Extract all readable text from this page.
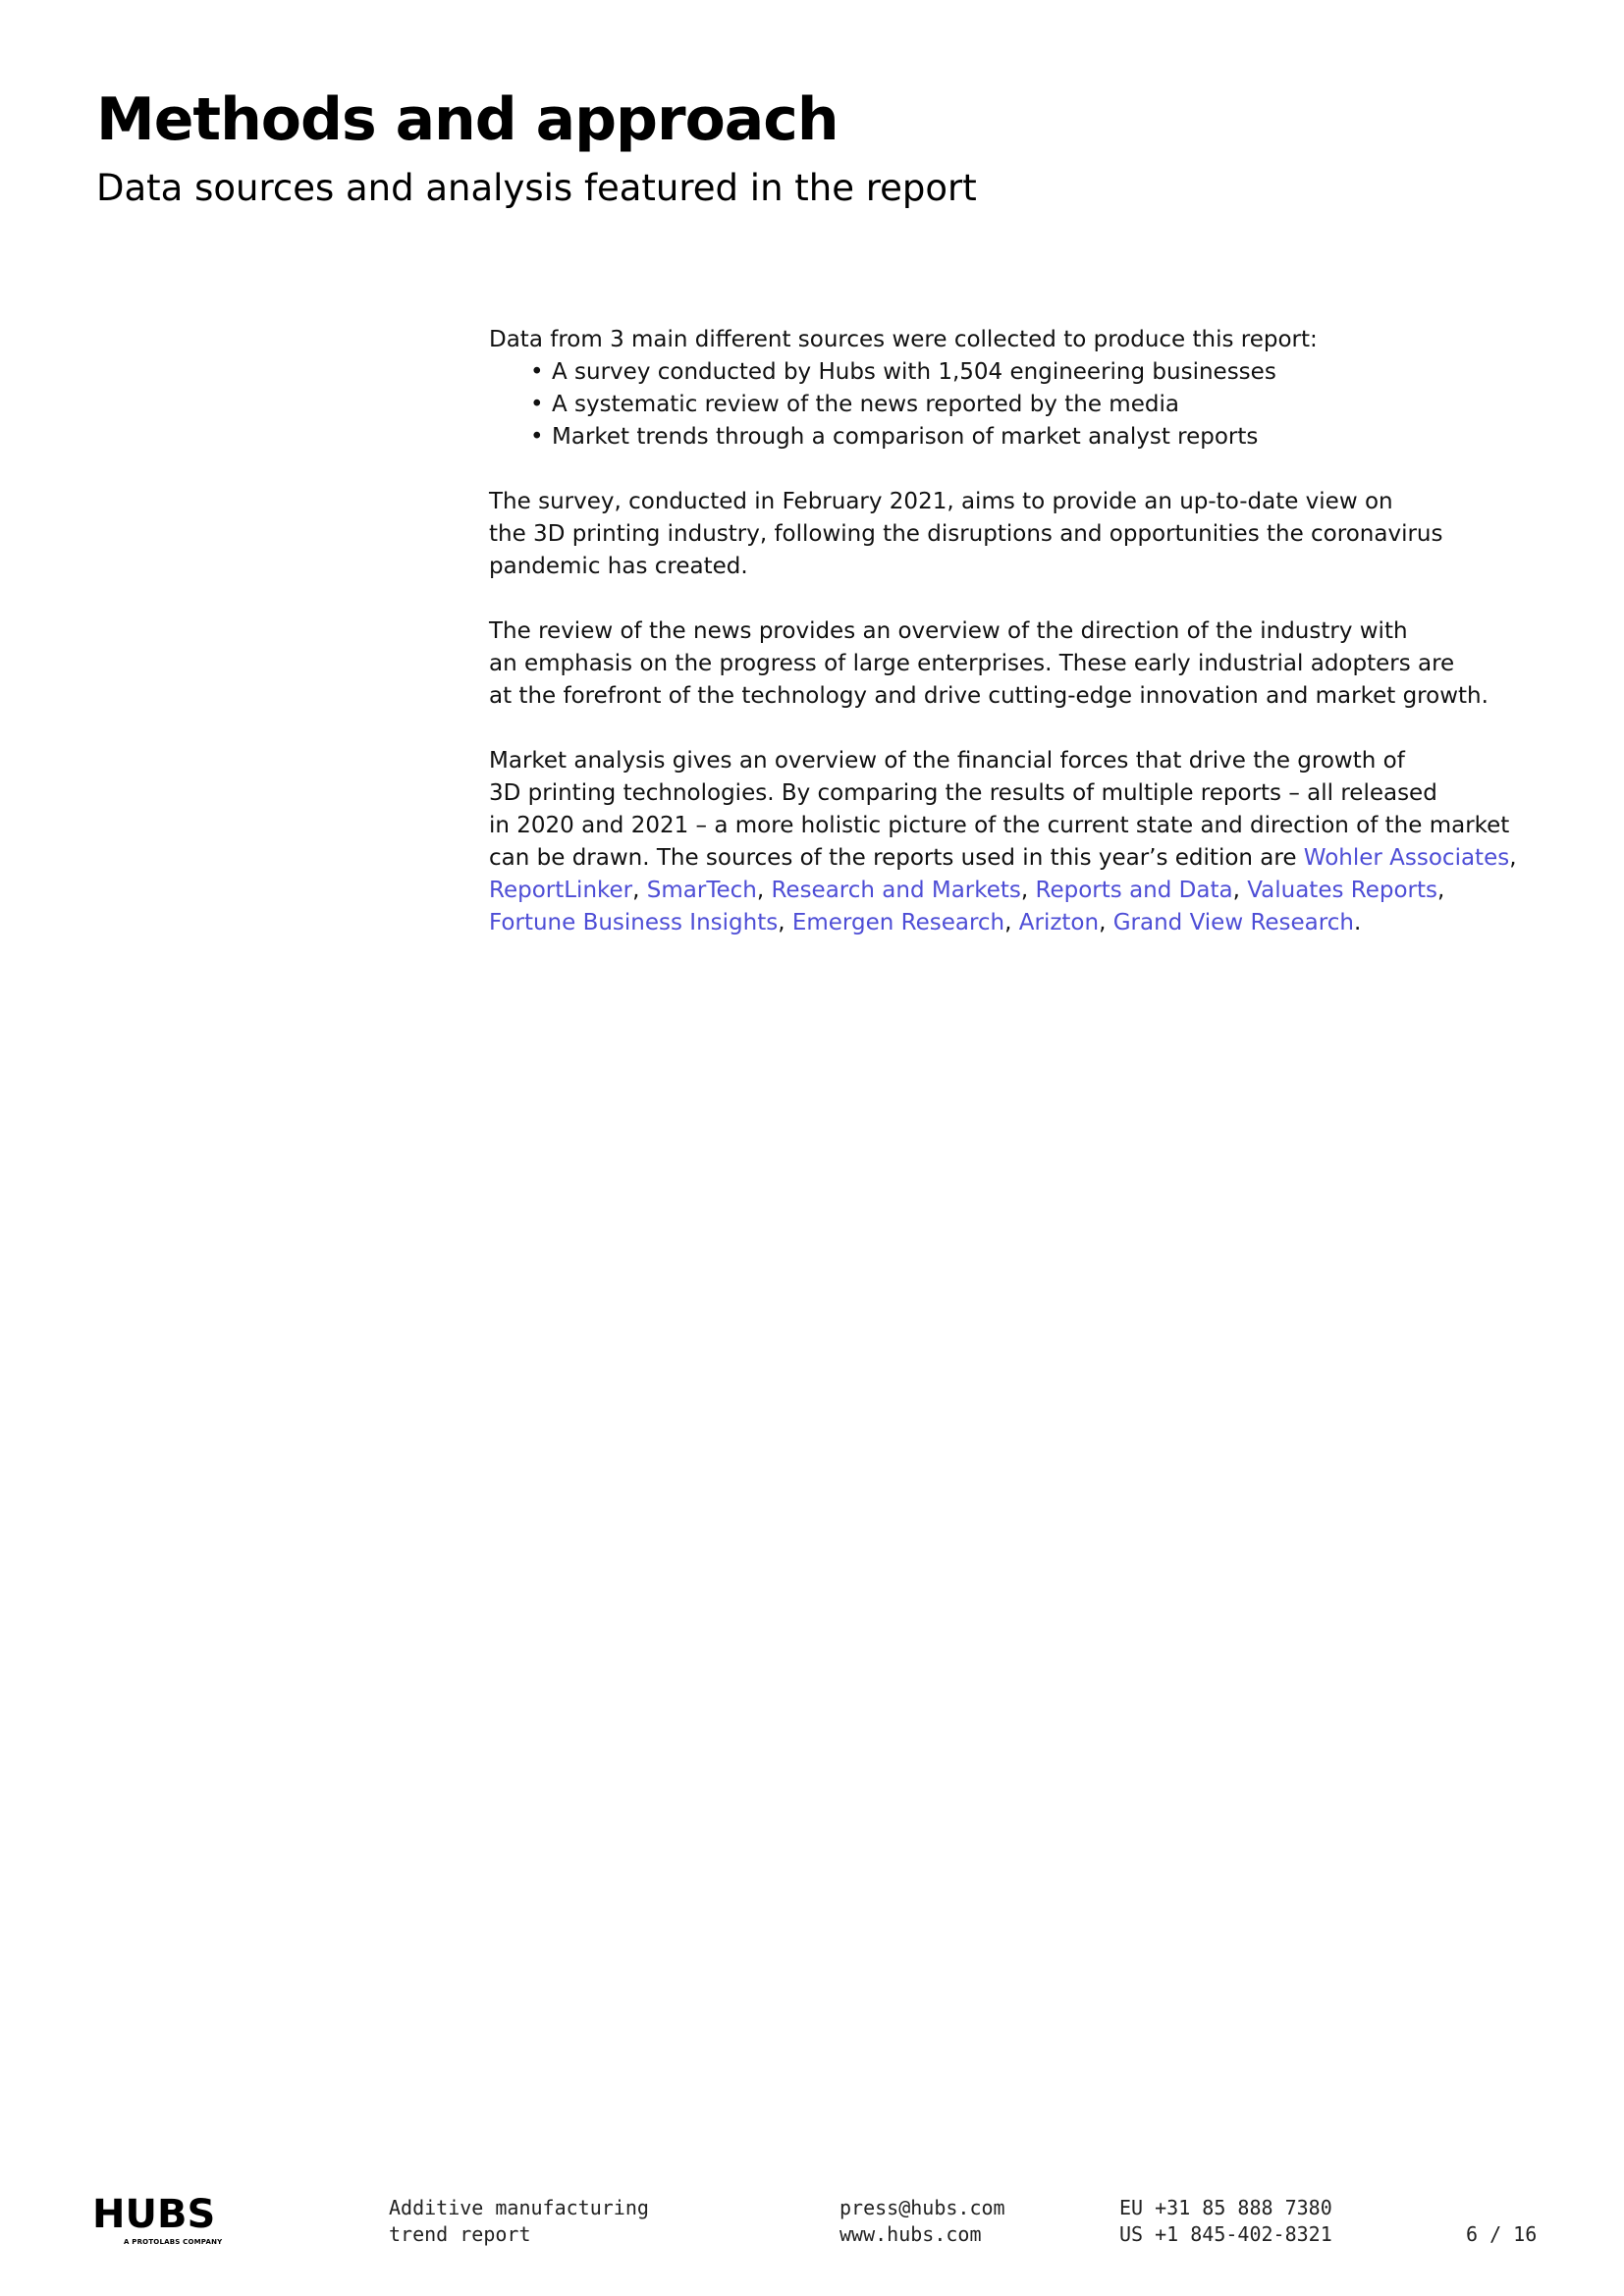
Methods and approach
Data sources and analysis featured in the report

Data from 3 main different sources were collected to produce this report:

• A survey conducted by Hubs with 1,504 engineering businesses
• A systematic review of the news reported by the media
• Market trends through a comparison of market analyst reports

The survey, conducted in February 2021, aims to provide an up-to-date view on
the 3D printing industry, following the disruptions and opportunities the coronavirus
pandemic has created.

The review of the news provides an overview of the direction of the industry with
an emphasis on the progress of large enterprises. These early industrial adopters are
at the forefront of the technology and drive cutting-edge innovation and market growth.

Market analysis gives an overview of the financial forces that drive the growth of
3D printing technologies. By comparing the results of multiple reports – all released
in 2020 and 2021 – a more holistic picture of the current state and direction of the market
can be drawn. The sources of the reports used in this year’s edition are Wohler Associates,
ReportLinker, SmarTech, Research and Markets, Reports and Data, Valuates Reports,
Fortune Business Insights, Emergen Research, Arizton, Grand View Research.

HUBS
A PROTOLABS COMPANY
Additive manufacturing
trend report
press@hubs.com
www.hubs.com
EU +31 85 888 7380
US +1 845-402-8321	6 / 16
